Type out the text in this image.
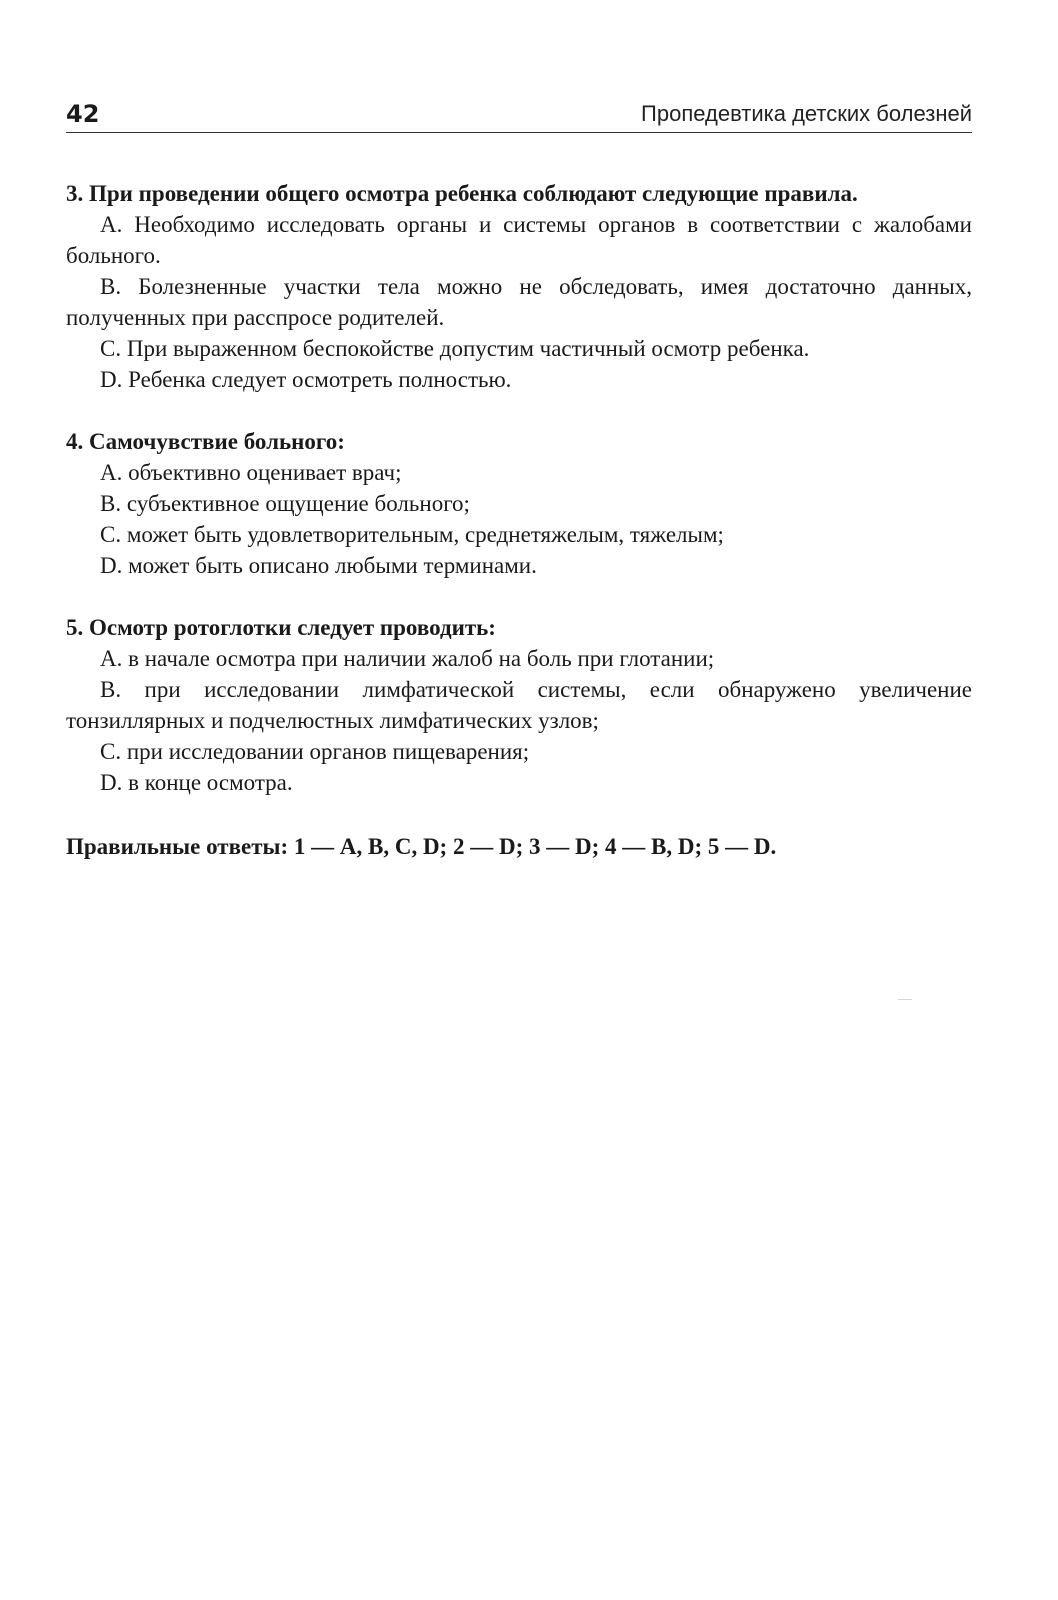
42	Пропедевтика детских болезней

3. При проведении общего осмотра ребенка соблюдают следующие правила.

А. Необходимо исследовать органы и системы органов в соответствии с жалобами больного.

В. Болезненные участки тела можно не обследовать, имея достаточно данных, полученных при расспросе родителей.

С. При выраженном беспокойстве допустим частичный осмотр ребенка.

D. Ребенка следует осмотреть полностью.

4. Самочувствие больного:

А. объективно оценивает врач;

В. субъективное ощущение больного;

С. может быть удовлетворительным, среднетяжелым, тяжелым;

D. может быть описано любыми терминами.

5. Осмотр ротоглотки следует проводить:

А. в начале осмотра при наличии жалоб на боль при глотании;

В. при исследовании лимфатической системы, если обнаружено увеличение тонзиллярных и подчелюстных лимфатических узлов;

С. при исследовании органов пищеварения;

D. в конце осмотра.

Правильные ответы: 1 — A, B, C, D; 2 — D; 3 — D; 4 — B, D; 5 — D.
